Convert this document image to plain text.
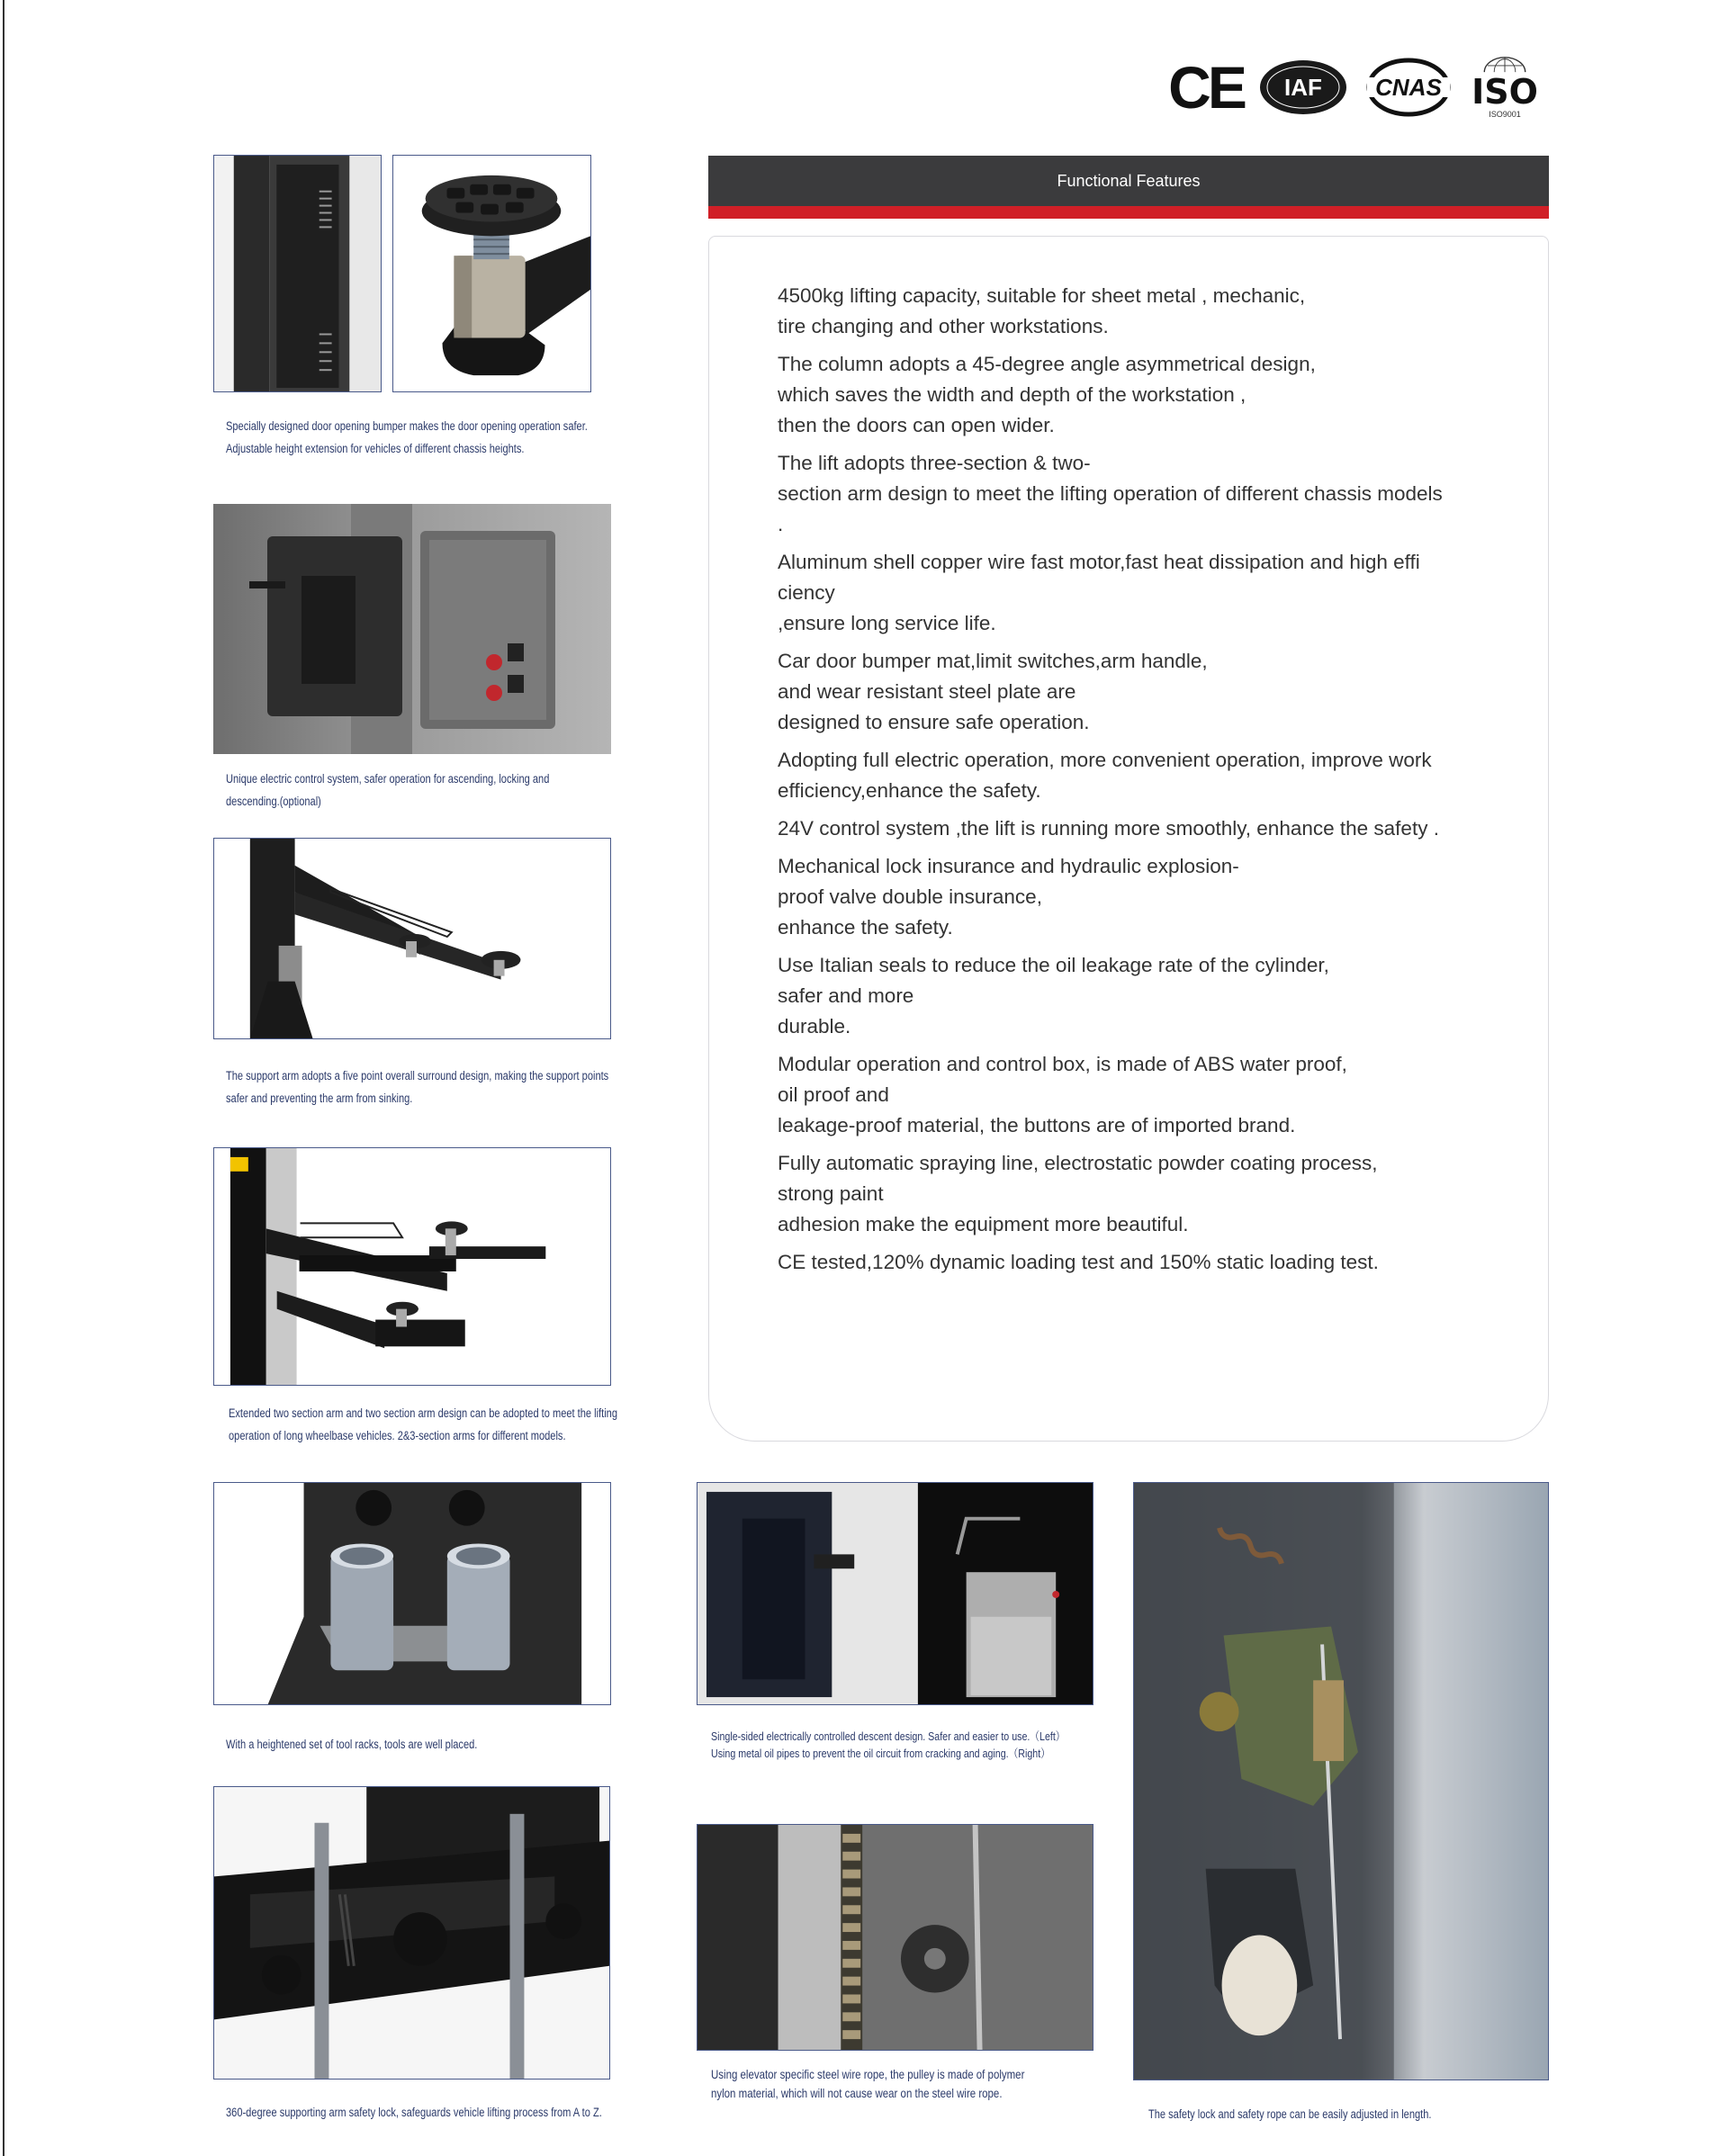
CE IAF CNAS ISO
ISO9001
Specially designed door opening bumper makes the door opening operation safer.
Adjustable height extension for vehicles of different chassis heights.
Unique electric control system, safer operation for ascending, locking and
descending.(optional)
The support arm adopts a five point overall surround design, making the support points
safer and preventing the arm from sinking.
Extended two section arm and two section arm design can be adopted to meet the lifting
operation of long wheelbase vehicles. 2&3-section arms for different models.
With a heightened set of tool racks, tools are well placed.
Single-sided electrically controlled descent design. Safer and easier to use.（Left）
Using metal oil pipes to prevent the oil circuit from cracking and aging.（Right）
The safety lock and safety rope can be easily adjusted in length.
360-degree supporting arm safety lock, safeguards vehicle lifting process from A to Z.
Using elevator specific steel wire rope, the pulley is made of polymer
nylon material, which will not cause wear on the steel wire rope.
Functional Features
4500kg lifting capacity, suitable for sheet metal , mechanic,
tire changing and other workstations.
The column adopts a 45-degree angle asymmetrical design,
which saves the width and depth of the workstation ,
then the doors can open wider.
The lift adopts three-section & two-
section arm design to meet the lifting operation of different chassis models
.
Aluminum shell copper wire fast motor,fast heat dissipation and high effi
ciency
,ensure long service life.
Car door bumper mat,limit switches,arm handle,
and wear resistant steel plate are
designed to ensure safe operation.
Adopting full electric operation, more convenient operation, improve work
efficiency,enhance the safety.
24V control system ,the lift is running more smoothly, enhance the safety .
Mechanical lock insurance and hydraulic explosion-
proof valve double insurance,
enhance the safety.
Use Italian seals to reduce the oil leakage rate of the cylinder,
safer and more
durable.
Modular operation and control box, is made of ABS water proof,
oil proof and
leakage-proof material, the buttons are of imported brand.
Fully automatic spraying line, electrostatic powder coating process,
strong paint
adhesion make the equipment more beautiful.
CE tested,120% dynamic loading test and 150% static loading test.
